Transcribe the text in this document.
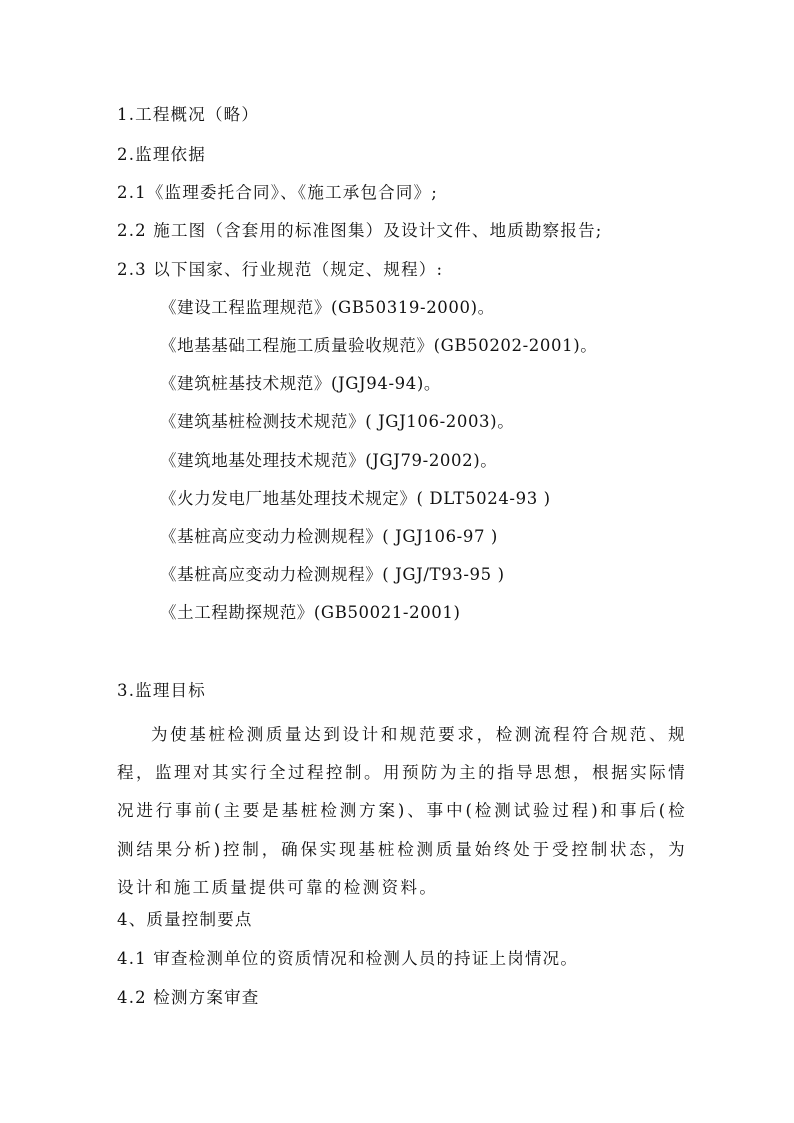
1.工程概况（略）
2.监理依据
2.1《监理委托合同》、《施工承包合同》;
2.2 施工图（含套用的标准图集）及设计文件、地质勘察报告;
2.3 以下国家、行业规范（规定、规程）:
《建设工程监理规范》(GB50319-2000)。
《地基基础工程施工质量验收规范》(GB50202-2001)。
《建筑桩基技术规范》(JGJ94-94)。
《建筑基桩检测技术规范》( JGJ106-2003)。
《建筑地基处理技术规范》(JGJ79-2002)。
《火力发电厂地基处理技术规定》( DLT5024-93 )
《基桩高应变动力检测规程》( JGJ106-97 )
《基桩高应变动力检测规程》( JGJ/T93-95 )
《土工程勘探规范》(GB50021-2001)
3.监理目标
为使基桩检测质量达到设计和规范要求，检测流程符合规范、规程，监理对其实行全过程控制。用预防为主的指导思想，根据实际情况进行事前(主要是基桩检测方案)、事中(检测试验过程)和事后(检测结果分析)控制，确保实现基桩检测质量始终处于受控制状态，为设计和施工质量提供可靠的检测资料。
4、质量控制要点
4.1 审查检测单位的资质情况和检测人员的持证上岗情况。
4.2 检测方案审查
